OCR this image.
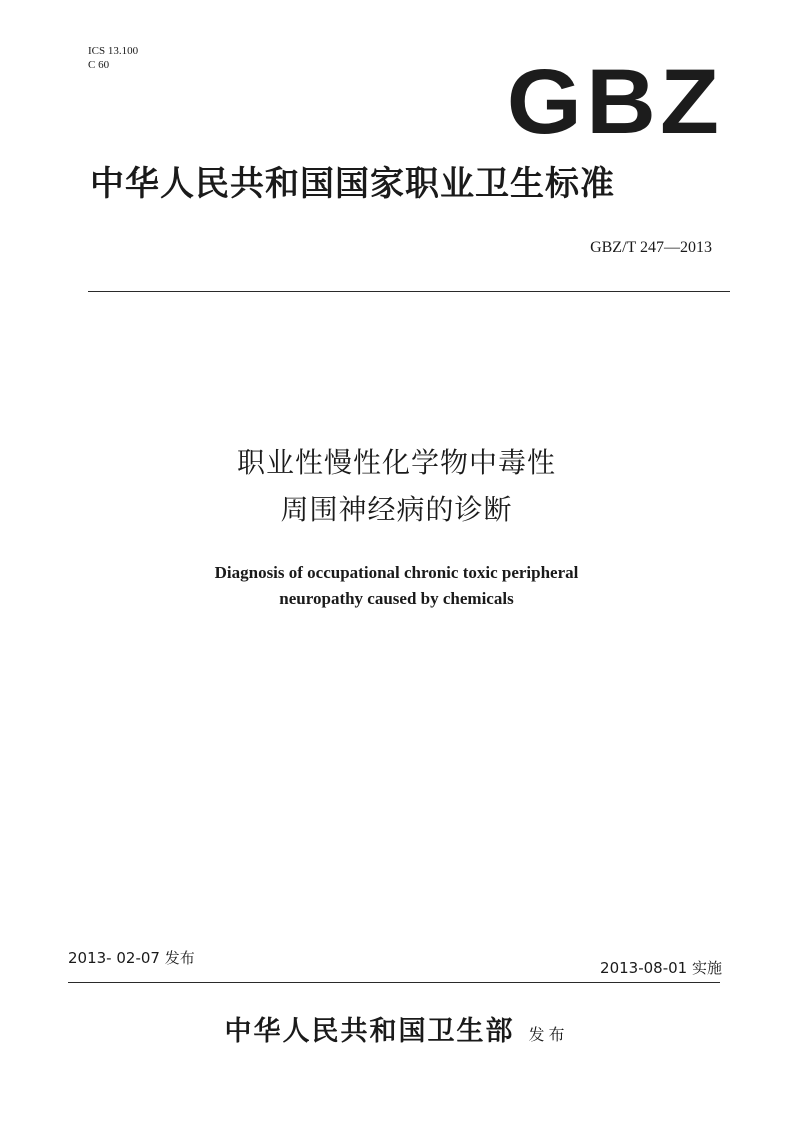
ICS 13.100
C 60	GBZ
中华人民共和国国家职业卫生标准
GBZ/T 247—2013
职业性慢性化学物中毒性
周围神经病的诊断
Diagnosis of occupational chronic toxic peripheral
neuropathy caused by chemicals
2013- 02-07 发布
2013-08-01 实施
中华人民共和国卫生部 发布
